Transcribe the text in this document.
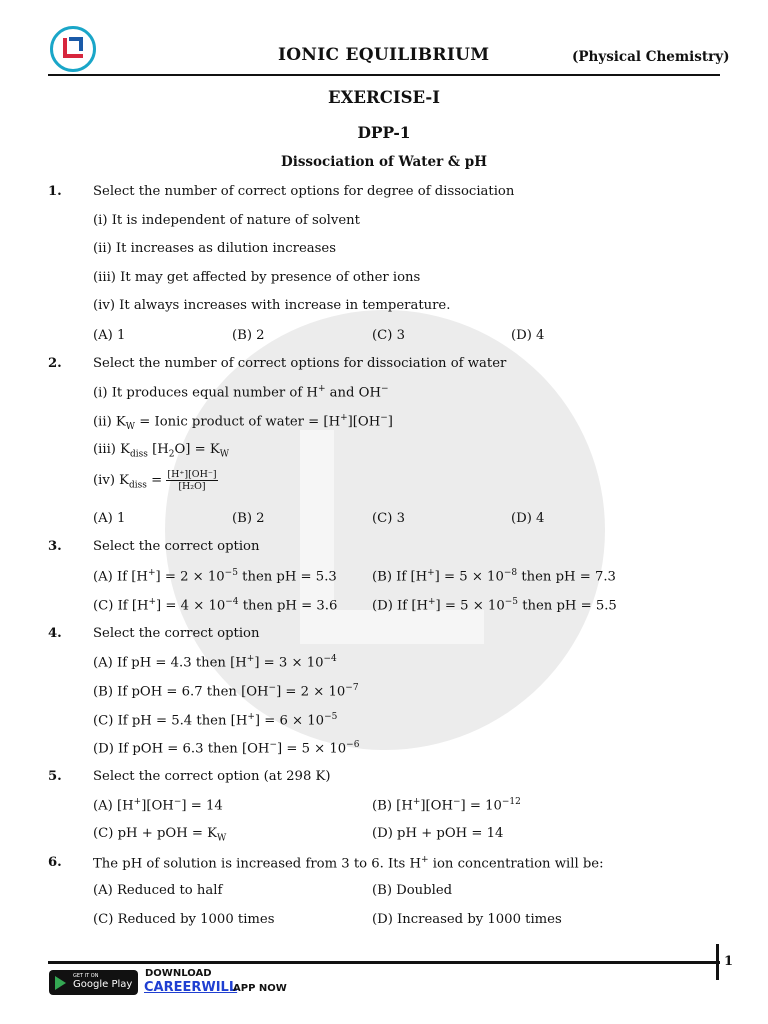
IONIC EQUILIBRIUM	(Physical Chemistry)
EXERCISE-I
DPP-1
Dissociation of Water & pH
1. Select the number of correct options for degree of dissociation
(i) It is independent of nature of solvent
(ii) It increases as dilution increases
(iii) It may get affected by presence of other ions
(iv) It always increases with increase in temperature.
(A) 1	(B) 2	(C) 3	(D) 4
2. Select the number of correct options for dissociation of water
(i) It produces equal number of H+ and OH−
(ii) $K_W$ = Ionic product of water = [H+][OH−]
(iii) $K_{diss}$ $[H_2O] = K_W$
(iv) $K_{diss} = \frac{[H^+][OH^-]}{\text{[H₂O]}}$
(A) 1	(B) 2	(C) 3	(D) 4
3. Select the correct option
(A) If $[H^+] = 2 \times 10^{-5}$ then pH = 5.3	(B) If $[H^+] = 5 \times 10^{-8}$ then pH = 7.3
(C) If $[H^+] = 4 \times 10^{-4}$ then pH = 3.6	(D) If $[H^+] = 5 \times 10^{-5}$ then pH = 5.5
4. Select the correct option
(A) If pH = 4.3 then $[H^+] = 3 \times 10^{-4}$
(B) If pOH = 6.7 then $[OH^-] = 2 \times 10^{-7}$
(C) If pH = 5.4 then $[H^+] = 6 \times 10^{-5}$
(D) If pOH = 6.3 then $[OH^-] = 5 \times 10^{-6}$
5. Select the correct option (at 298 K)
(A) [H+][OH−] = 14	(B) $[H^+][OH^-] = 10^{-12}$
(C) pH + pOH = $K_W$	(D) pH + pOH = 14
6. The pH of solution is increased from 3 to 6. Its H+ ion concentration will be:
(A) Reduced to half	(B) Doubled
(C) Reduced by 1000 times	(D) Increased by 1000 times
1
GET IT ON
Google Play
DOWNLOAD
CAREERWILL
APP NOW
